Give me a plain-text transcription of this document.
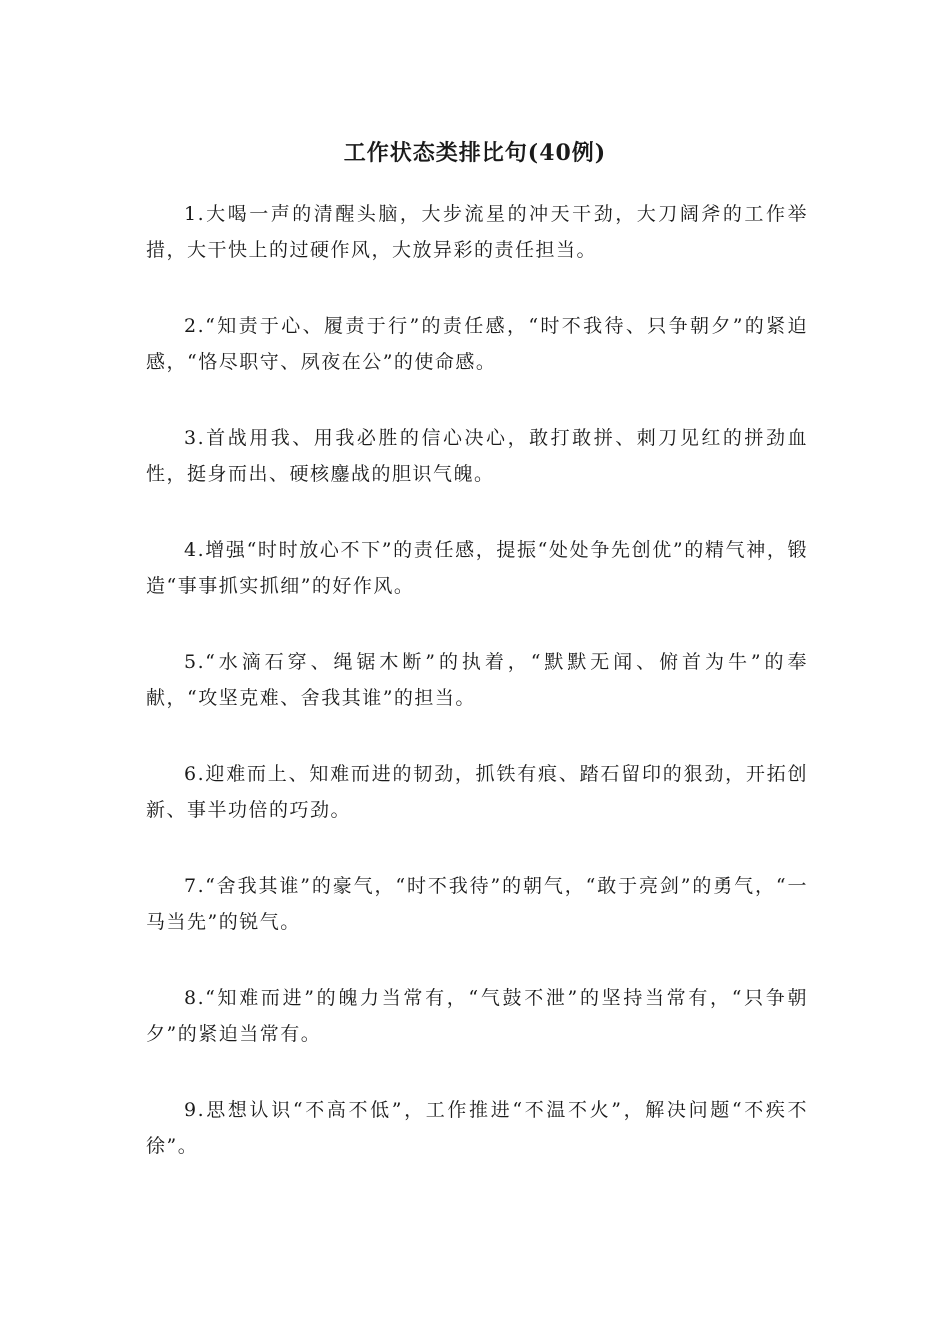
工作状态类排比句(40例)

1.大喝一声的清醒头脑，大步流星的冲天干劲，大刀阔斧的工作举措，大干快上的过硬作风，大放异彩的责任担当。

2.“知责于心、履责于行”的责任感，“时不我待、只争朝夕”的紧迫感，“恪尽职守、夙夜在公”的使命感。

3.首战用我、用我必胜的信心决心，敢打敢拼、刺刀见红的拼劲血性，挺身而出、硬核鏖战的胆识气魄。

4.增强“时时放心不下”的责任感，提振“处处争先创优”的精气神，锻造“事事抓实抓细”的好作风。

5.“水滴石穿、绳锯木断”的执着，“默默无闻、俯首为牛”的奉献，“攻坚克难、舍我其谁”的担当。

6.迎难而上、知难而进的韧劲，抓铁有痕、踏石留印的狠劲，开拓创新、事半功倍的巧劲。

7.“舍我其谁”的豪气，“时不我待”的朝气，“敢于亮剑”的勇气，“一马当先”的锐气。

8.“知难而进”的魄力当常有，“气鼓不泄”的坚持当常有，“只争朝夕”的紧迫当常有。

9.思想认识“不高不低”，工作推进“不温不火”，解决问题“不疾不徐”。
